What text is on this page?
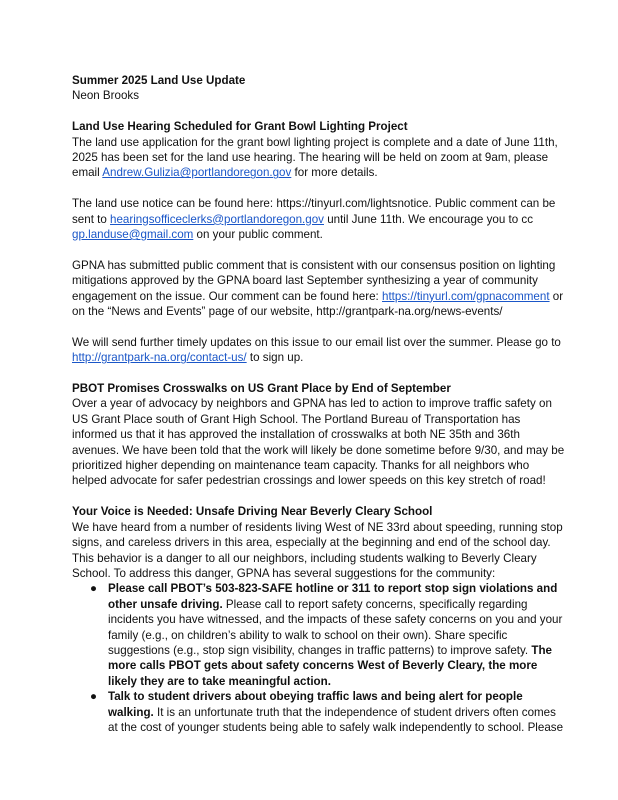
Summer 2025 Land Use Update
Neon Brooks
Land Use Hearing Scheduled for Grant Bowl Lighting Project
The land use application for the grant bowl lighting project is complete and a date of June 11th,
2025 has been set for the land use hearing. The hearing will be held on zoom at 9am, please
email Andrew.Gulizia@portlandoregon.gov for more details.
The land use notice can be found here: https://tinyurl.com/lightsnotice. Public comment can be
sent to hearingsofficeclerks@portlandoregon.gov until June 11th. We encourage you to cc
gp.landuse@gmail.com on your public comment.
GPNA has submitted public comment that is consistent with our consensus position on lighting
mitigations approved by the GPNA board last September synthesizing a year of community
engagement on the issue. Our comment can be found here: https://tinyurl.com/gpnacomment or
on the “News and Events” page of our website, http://grantpark-na.org/news-events/
We will send further timely updates on this issue to our email list over the summer. Please go to
http://grantpark-na.org/contact-us/ to sign up.
PBOT Promises Crosswalks on US Grant Place by End of September
Over a year of advocacy by neighbors and GPNA has led to action to improve traffic safety on
US Grant Place south of Grant High School. The Portland Bureau of Transportation has
informed us that it has approved the installation of crosswalks at both NE 35th and 36th
avenues. We have been told that the work will likely be done sometime before 9/30, and may be
prioritized higher depending on maintenance team capacity. Thanks for all neighbors who
helped advocate for safer pedestrian crossings and lower speeds on this key stretch of road!
Your Voice is Needed: Unsafe Driving Near Beverly Cleary School
We have heard from a number of residents living West of NE 33rd about speeding, running stop
signs, and careless drivers in this area, especially at the beginning and end of the school day.
This behavior is a danger to all our neighbors, including students walking to Beverly Cleary
School. To address this danger, GPNA has several suggestions for the community:
● Please call PBOT’s 503-823-SAFE hotline or 311 to report stop sign violations and
other unsafe driving. Please call to report safety concerns, specifically regarding
incidents you have witnessed, and the impacts of these safety concerns on you and your
family (e.g., on children’s ability to walk to school on their own). Share specific
suggestions (e.g., stop sign visibility, changes in traffic patterns) to improve safety. The
more calls PBOT gets about safety concerns West of Beverly Cleary, the more
likely they are to take meaningful action.
● Talk to student drivers about obeying traffic laws and being alert for people
walking. It is an unfortunate truth that the independence of student drivers often comes
at the cost of younger students being able to safely walk independently to school. Please
